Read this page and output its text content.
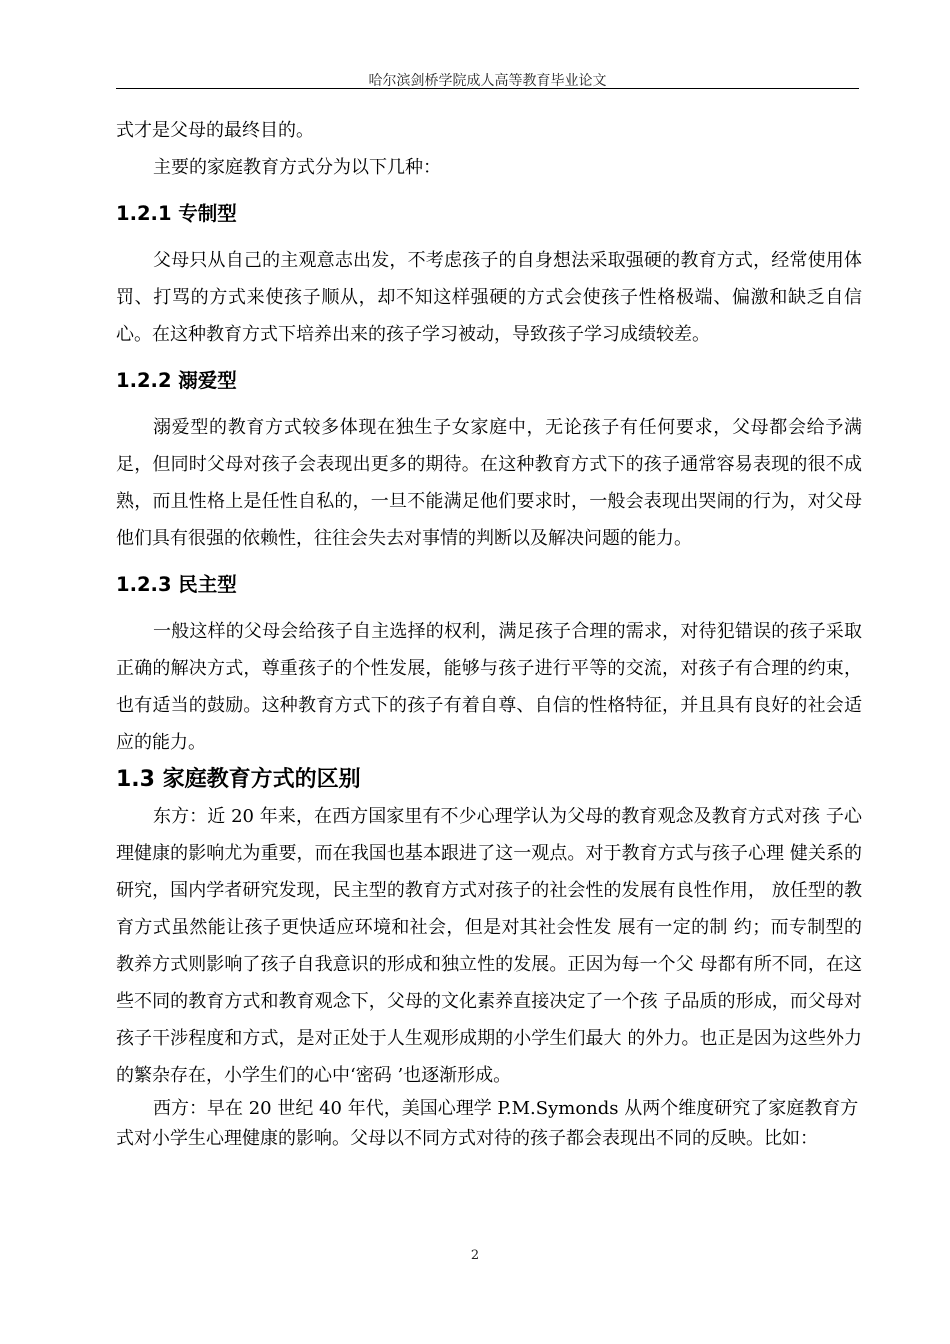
哈尔滨剑桥学院成人高等教育毕业论文

式才是父母的最终目的。

主要的家庭教育方式分为以下几种：

1.2.1 专制型

父母只从自己的主观意志出发，不考虑孩子的自身想法采取强硬的教育方式，经常使用体罚、打骂的方式来使孩子顺从，却不知这样强硬的方式会使孩子性格极端、偏激和缺乏自信心。在这种教育方式下培养出来的孩子学习被动，导致孩子学习成绩较差。

1.2.2 溺爱型

溺爱型的教育方式较多体现在独生子女家庭中，无论孩子有任何要求，父母都会给予满足，但同时父母对孩子会表现出更多的期待。在这种教育方式下的孩子通常容易表现的很不成熟，而且性格上是任性自私的，一旦不能满足他们要求时，一般会表现出哭闹的行为，对父母他们具有很强的依赖性，往往会失去对事情的判断以及解决问题的能力。

1.2.3 民主型

一般这样的父母会给孩子自主选择的权利，满足孩子合理的需求，对待犯错误的孩子采取正确的解决方式，尊重孩子的个性发展，能够与孩子进行平等的交流，对孩子有合理的约束，也有适当的鼓励。这种教育方式下的孩子有着自尊、自信的性格特征，并且具有良好的社会适应的能力。

1.3 家庭教育方式的区别

东方：近 20 年来，在西方国家里有不少心理学认为父母的教育观念及教育方式对孩 子心理健康的影响尤为重要，而在我国也基本跟进了这一观点。对于教育方式与孩子心理 健关系的研究，国内学者研究发现，民主型的教育方式对孩子的社会性的发展有良性作用， 放任型的教育方式虽然能让孩子更快适应环境和社会，但是对其社会性发 展有一定的制 约；而专制型的教养方式则影响了孩子自我意识的形成和独立性的发展。正因为每一个父 母都有所不同，在这些不同的教育方式和教育观念下，父母的文化素养直接决定了一个孩 子品质的形成，而父母对孩子干涉程度和方式，是对正处于人生观形成期的小学生们最大 的外力。也正是因为这些外力的繁杂存在，小学生们的心中‘密码 ’也逐渐形成。

西方：早在 20 世纪 40 年代，美国心理学 P.M.Symonds 从两个维度研究了家庭教育方

式对小学生心理健康的影响。父母以不同方式对待的孩子都会表现出不同的反映。比如：

2
